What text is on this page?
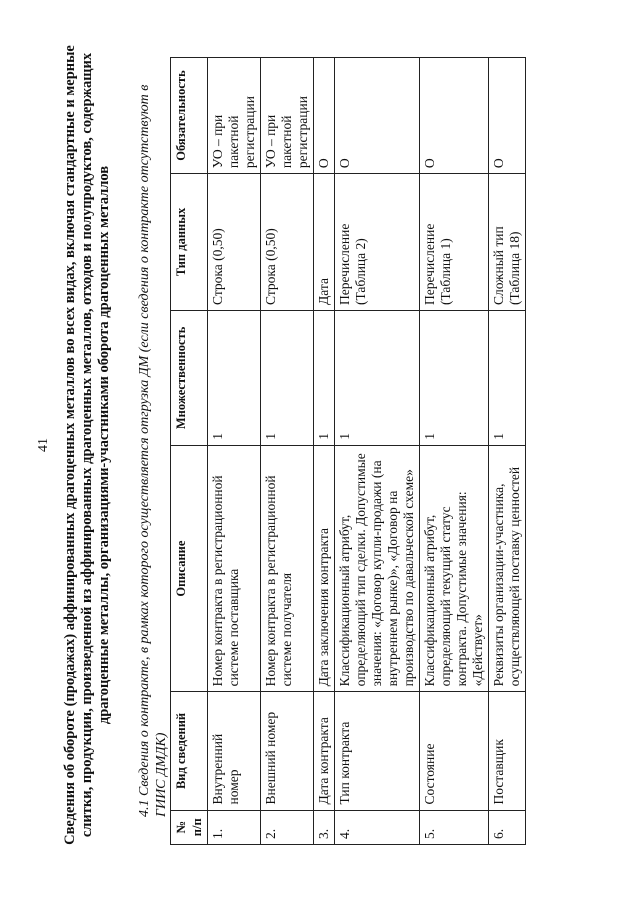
41 Сведения об обороте (продажах) аффинированных драгоценных металлов во всех видах, включая стандартные и мерные слитки, продукции, произведенной из аффинированных драгоценных металлов, отходов и полупродуктов, содержащих драгоценные металлы, организациями-участниками оборота драгоценных металлов
4.1 Сведения о контракте, в рамках которого осуществляется отгрузка ДМ (если сведения о контракте отсутствуют в ГИИС ДМДК)
№ п/п	Вид сведений	Описание	Множественность	Тип данных	Обязательность
1.	Внутренний номер	Номер контракта в регистрационной системе поставщика	1	Строка (0,50)	УО – при пакетной регистрации
2.	Внешний номер	Номер контракта в регистрационной системе получателя	1	Строка (0,50)	УО – при пакетной регистрации
3.	Дата контракта	Дата заключения контракта	1	Дата	О
4.	Тип контракта	Классификационный атрибут, определяющий тип сделки. Допустимые значения: «Договор купли-продажи (на внутреннем рынке)», «Договор на производство по давальческой схеме»	1	Перечисление (Таблица 2)	О
5.	Состояние	Классификационный атрибут, определяющий текущий статус контракта. Допустимые значения: «Действует»	1	Перечисление (Таблица 1)	О
6.	Поставщик	Реквизиты организации-участника, осуществляющей поставку ценностей	1	Сложный тип (Таблица 18)	О
